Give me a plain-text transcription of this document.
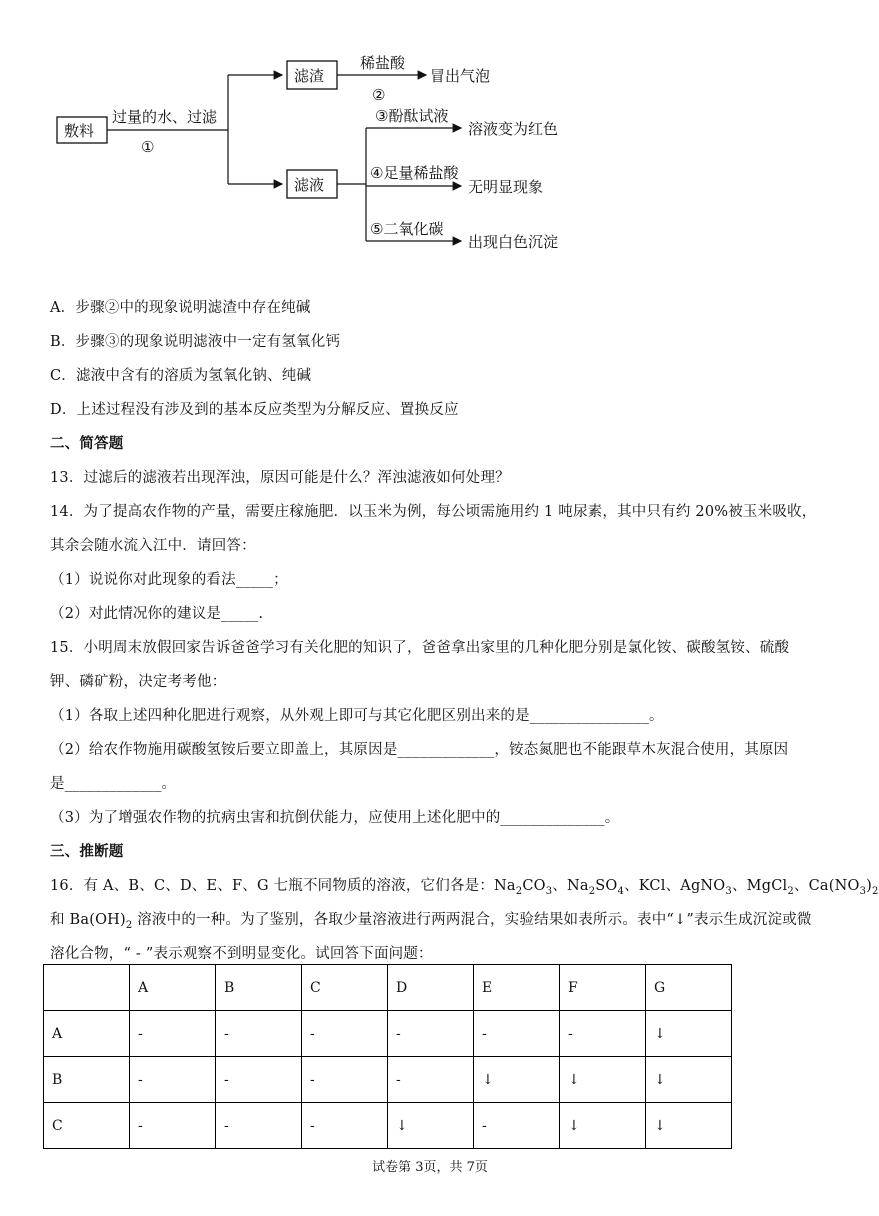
敷料
过量的水、过滤
①
滤渣
稀盐酸
②
冒出气泡
滤液
③酚酞试液
溶液变为红色
④足量稀盐酸
无明显现象
⑤二氧化碳
出现白色沉淀
A．步骤②中的现象说明滤渣中存在纯碱
B．步骤③的现象说明滤液中一定有氢氧化钙
C．滤液中含有的溶质为氢氧化钠、纯碱
D．上述过程没有涉及到的基本反应类型为分解反应、置换反应
二、简答题
13．过滤后的滤液若出现浑浊，原因可能是什么？浑浊滤液如何处理？
14．为了提高农作物的产量，需要庄稼施肥．以玉米为例，每公顷需施用约 1 吨尿素，其中只有约 20%被玉米吸收，
其余会随水流入江中．请回答：
（1）说说你对此现象的看法_____；
（2）对此情况你的建议是_____.
15．小明周末放假回家告诉爸爸学习有关化肥的知识了，爸爸拿出家里的几种化肥分别是氯化铵、碳酸氢铵、硫酸
钾、磷矿粉，决定考考他：
（1）各取上述四种化肥进行观察，从外观上即可与其它化肥区别出来的是________________。
（2）给农作物施用碳酸氢铵后要立即盖上，其原因是_____________，铵态氮肥也不能跟草木灰混合使用，其原因
是_____________。
（3）为了增强农作物的抗病虫害和抗倒伏能力，应使用上述化肥中的______________。
三、推断题
16．有 A、B、C、D、E、F、G 七瓶不同物质的溶液，它们各是：$Na_2CO_3$、$Na_2SO_4$、KCl、AgNO$_3$、MgCl$_2$、$Ca(NO_3)_2$
和 $Ba(OH)_2$ 溶液中的一种。为了鉴别，各取少量溶液进行两两混合，实验结果如表所示。表中“↓”表示生成沉淀或微
溶化合物，“ - ”表示观察不到明显变化。试回答下面问题：
	A	B	C	D	E	F	G
A	-	-	-	-	-	-	↓
B	-	-	-	-	↓	↓	↓
C	-	-	-	↓	-	↓	↓
试卷第 3页，共 7页
